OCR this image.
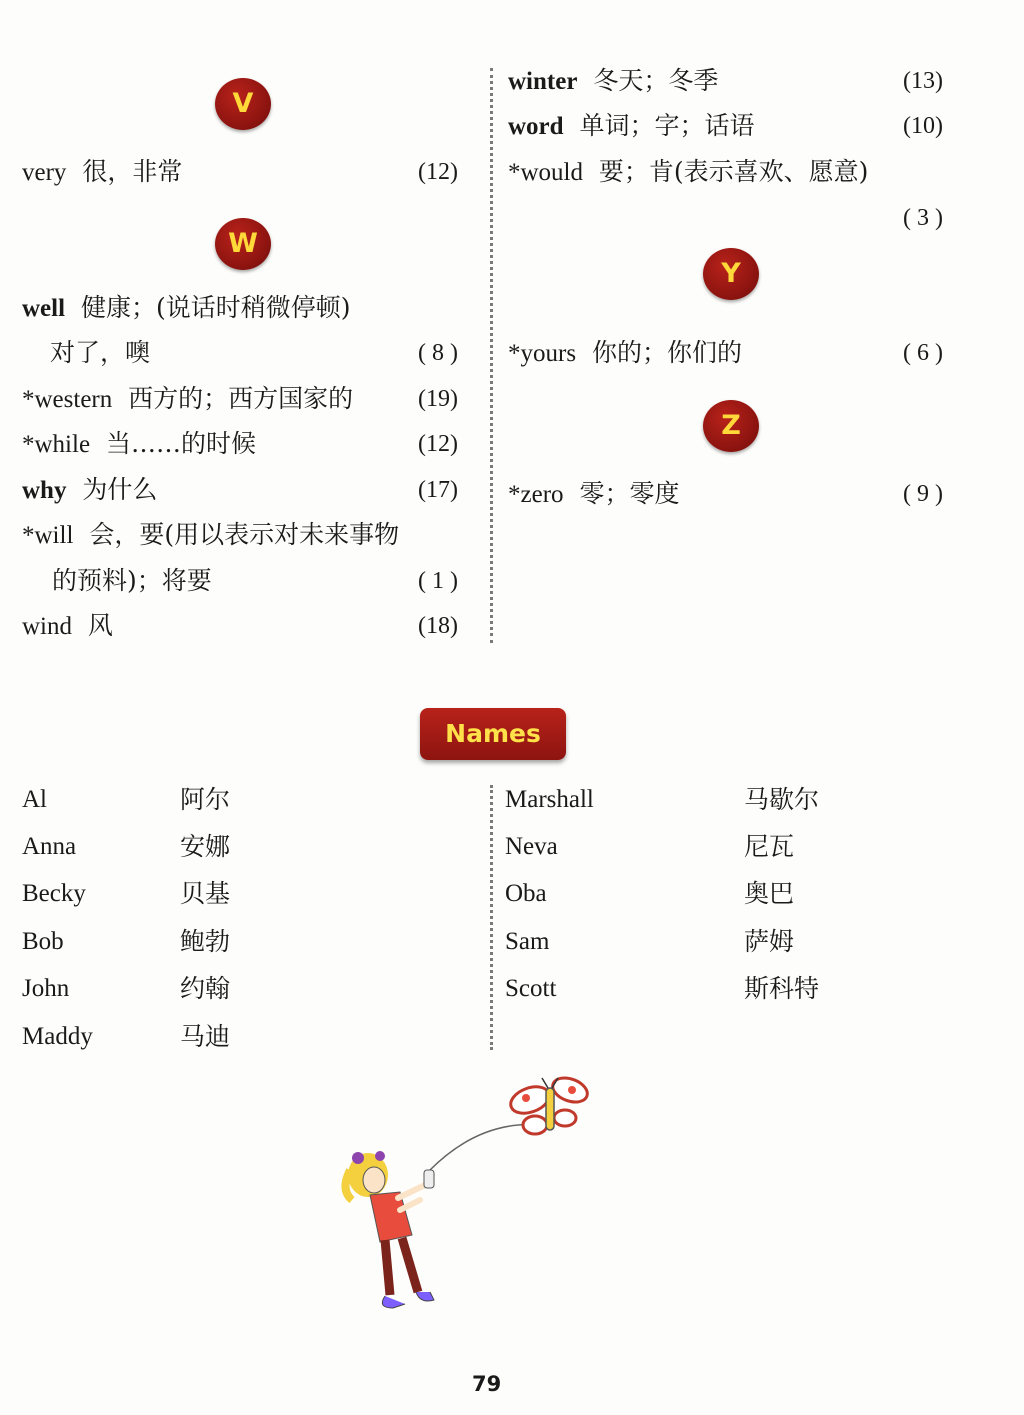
V
W
Y
Z
very 很，非常	(12)
well 健康；(说话时稍微停顿)
对了，噢	( 8 )
*western 西方的；西方国家的	(19)
*while 当……的时候	(12)
why 为什么	(17)
*will 会，要(用以表示对未来事物
的预料)；将要	( 1 )
wind 风	(18)
winter 冬天；冬季	(13)
word 单词；字；话语	(10)
*would 要；肯(表示喜欢、愿意)
( 3 )
*yours 你的；你们的	( 6 )
*zero 零；零度	( 9 )
Names
Al	阿尔
Anna	安娜
Becky	贝基
Bob	鲍勃
John	约翰
Maddy	马迪
Marshall	马歇尔
Neva	尼瓦
Oba	奥巴
Sam	萨姆
Scott	斯科特
79
